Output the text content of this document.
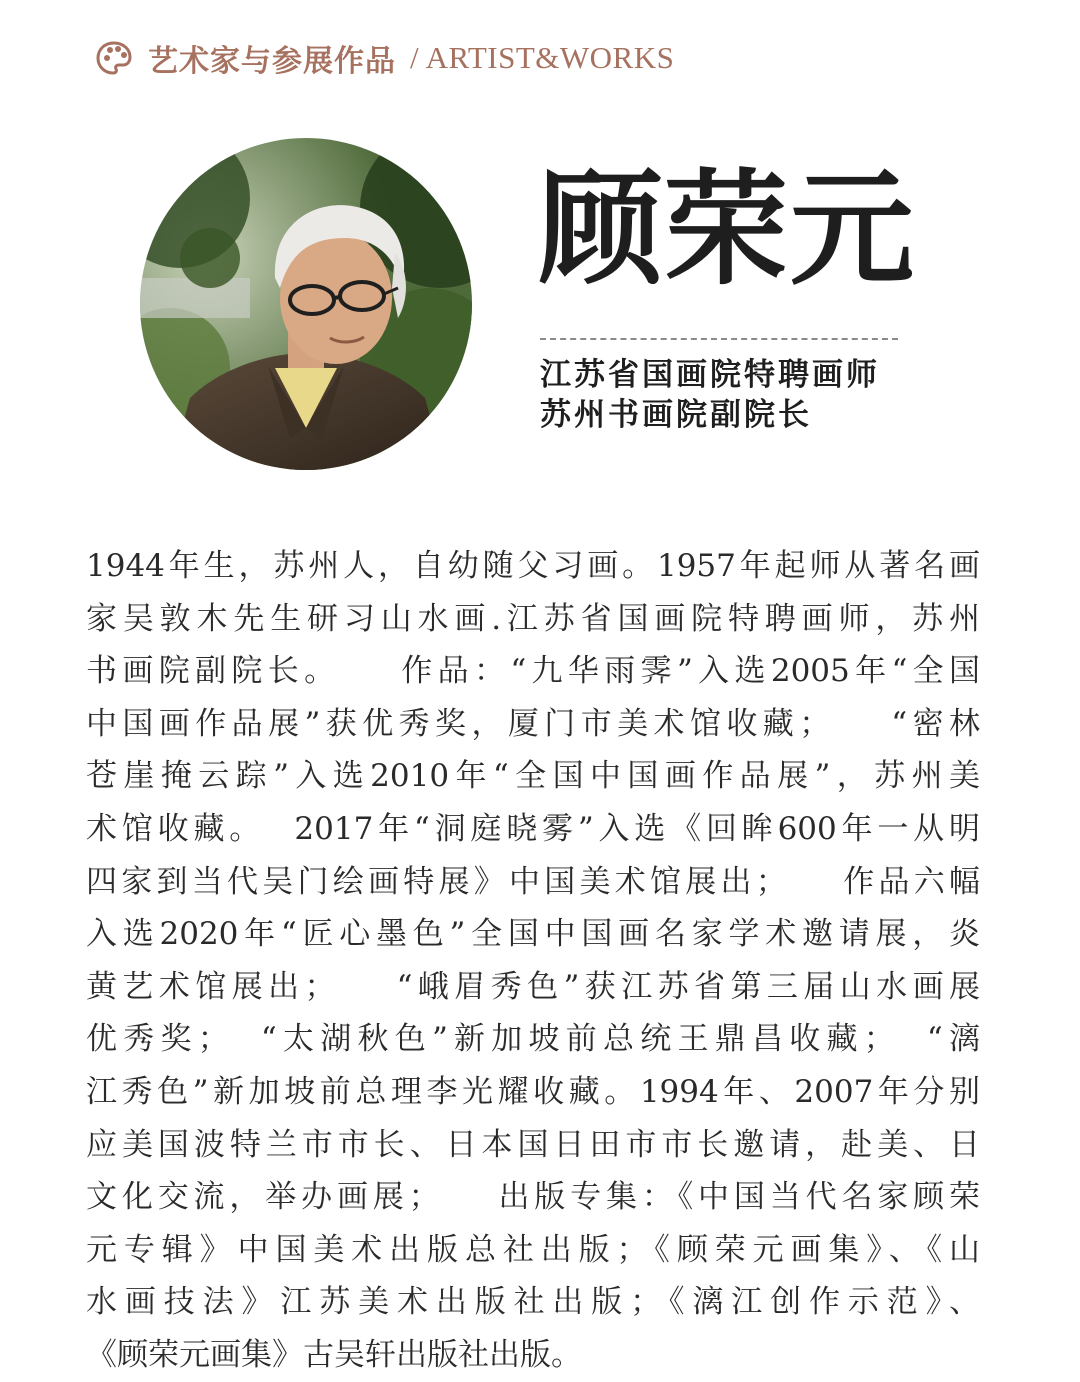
艺术家与参展作品 / ARTIST&WORKS
顾荣元
江苏省国画院特聘画师
苏州书画院副院长
1944年生，苏州人，自幼随父习画。1957年起师从著名画
家吴敦木先生研习山水画.江苏省国画院特聘画师，苏州
书画院副院长。    作品：“九华雨霁”入选2005年“全国
中国画作品展”获优秀奖，厦门市美术馆收藏；    “密林
苍崖掩云踪”入选2010年“全国中国画作品展”，苏州美
术馆收藏。  2017年“洞庭晓雾”入选《回眸600年一从明
四家到当代吴门绘画特展》中国美术馆展出；    作品六幅
入选2020年“匠心墨色”全国中国画名家学术邀请展，炎
黄艺术馆展出；    “峨眉秀色”获江苏省第三届山水画展
优秀奖；  “太湖秋色”新加坡前总统王鼎昌收藏；  “漓
江秀色”新加坡前总理李光耀收藏。1994年、2007年分别
应美国波特兰市市长、日本国日田市市长邀请，赴美、日
文化交流，举办画展；    出版专集：《中国当代名家顾荣
元专辑》中国美术出版总社出版；《顾荣元画集》、《山
水画技法》江苏美术出版社出版；《漓江创作示范》、
《顾荣元画集》古吴轩出版社出版。
